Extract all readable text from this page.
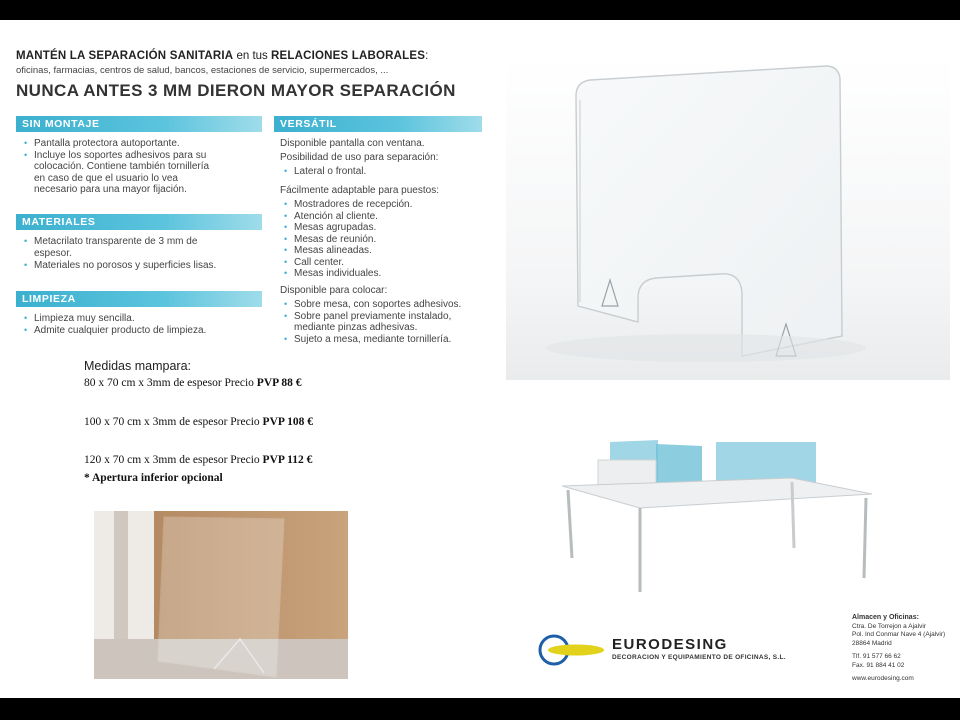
MANTÉN LA SEPARACIÓN SANITARIA en tus RELACIONES LABORALES:
oficinas, farmacias, centros de salud, bancos, estaciones de servicio, supermercados, ...
NUNCA ANTES 3 MM DIERON MAYOR SEPARACIÓN
SIN MONTAJE
• Pantalla protectora autoportante.
• Incluye los soportes adhesivos para su
colocación. Contiene también tornillería
en caso de que el usuario lo vea
necesario para una mayor fijación.
MATERIALES
• Metacrilato transparente de 3 mm de
espesor.
• Materiales no porosos y superficies lisas.
LIMPIEZA
• Limpieza muy sencilla.
• Admite cualquier producto de limpieza.
VERSÁTIL
Disponible pantalla con ventana.
Posibilidad de uso para separación:
• Lateral o frontal.
Fácilmente adaptable para puestos:
• Mostradores de recepción.
• Atención al cliente.
• Mesas agrupadas.
• Mesas de reunión.
• Mesas alineadas.
• Call center.
• Mesas individuales.
Disponible para colocar:
• Sobre mesa, con soportes adhesivos.
• Sobre panel previamente instalado,
mediante pinzas adhesivas.
• Sujeto a mesa, mediante tornillería.
Medidas mampara:
80 x 70 cm x 3mm de espesor Precio PVP 88 €
100 x 70 cm x 3mm de espesor Precio PVP 108 €
120 x 70 cm x 3mm de espesor Precio PVP 112 €
* Apertura inferior opcional
EURODESING
DECORACION Y EQUIPAMIENTO DE OFICINAS, S.L.
Almacen y Oficinas:
Ctra. De Torrejon a Ajalvir
Pol. Ind Conmar Nave 4 (Ajalvir)
28864 Madrid
Tlf. 91 577 66 62
Fax. 91 884 41 02
www.eurodesing.com
